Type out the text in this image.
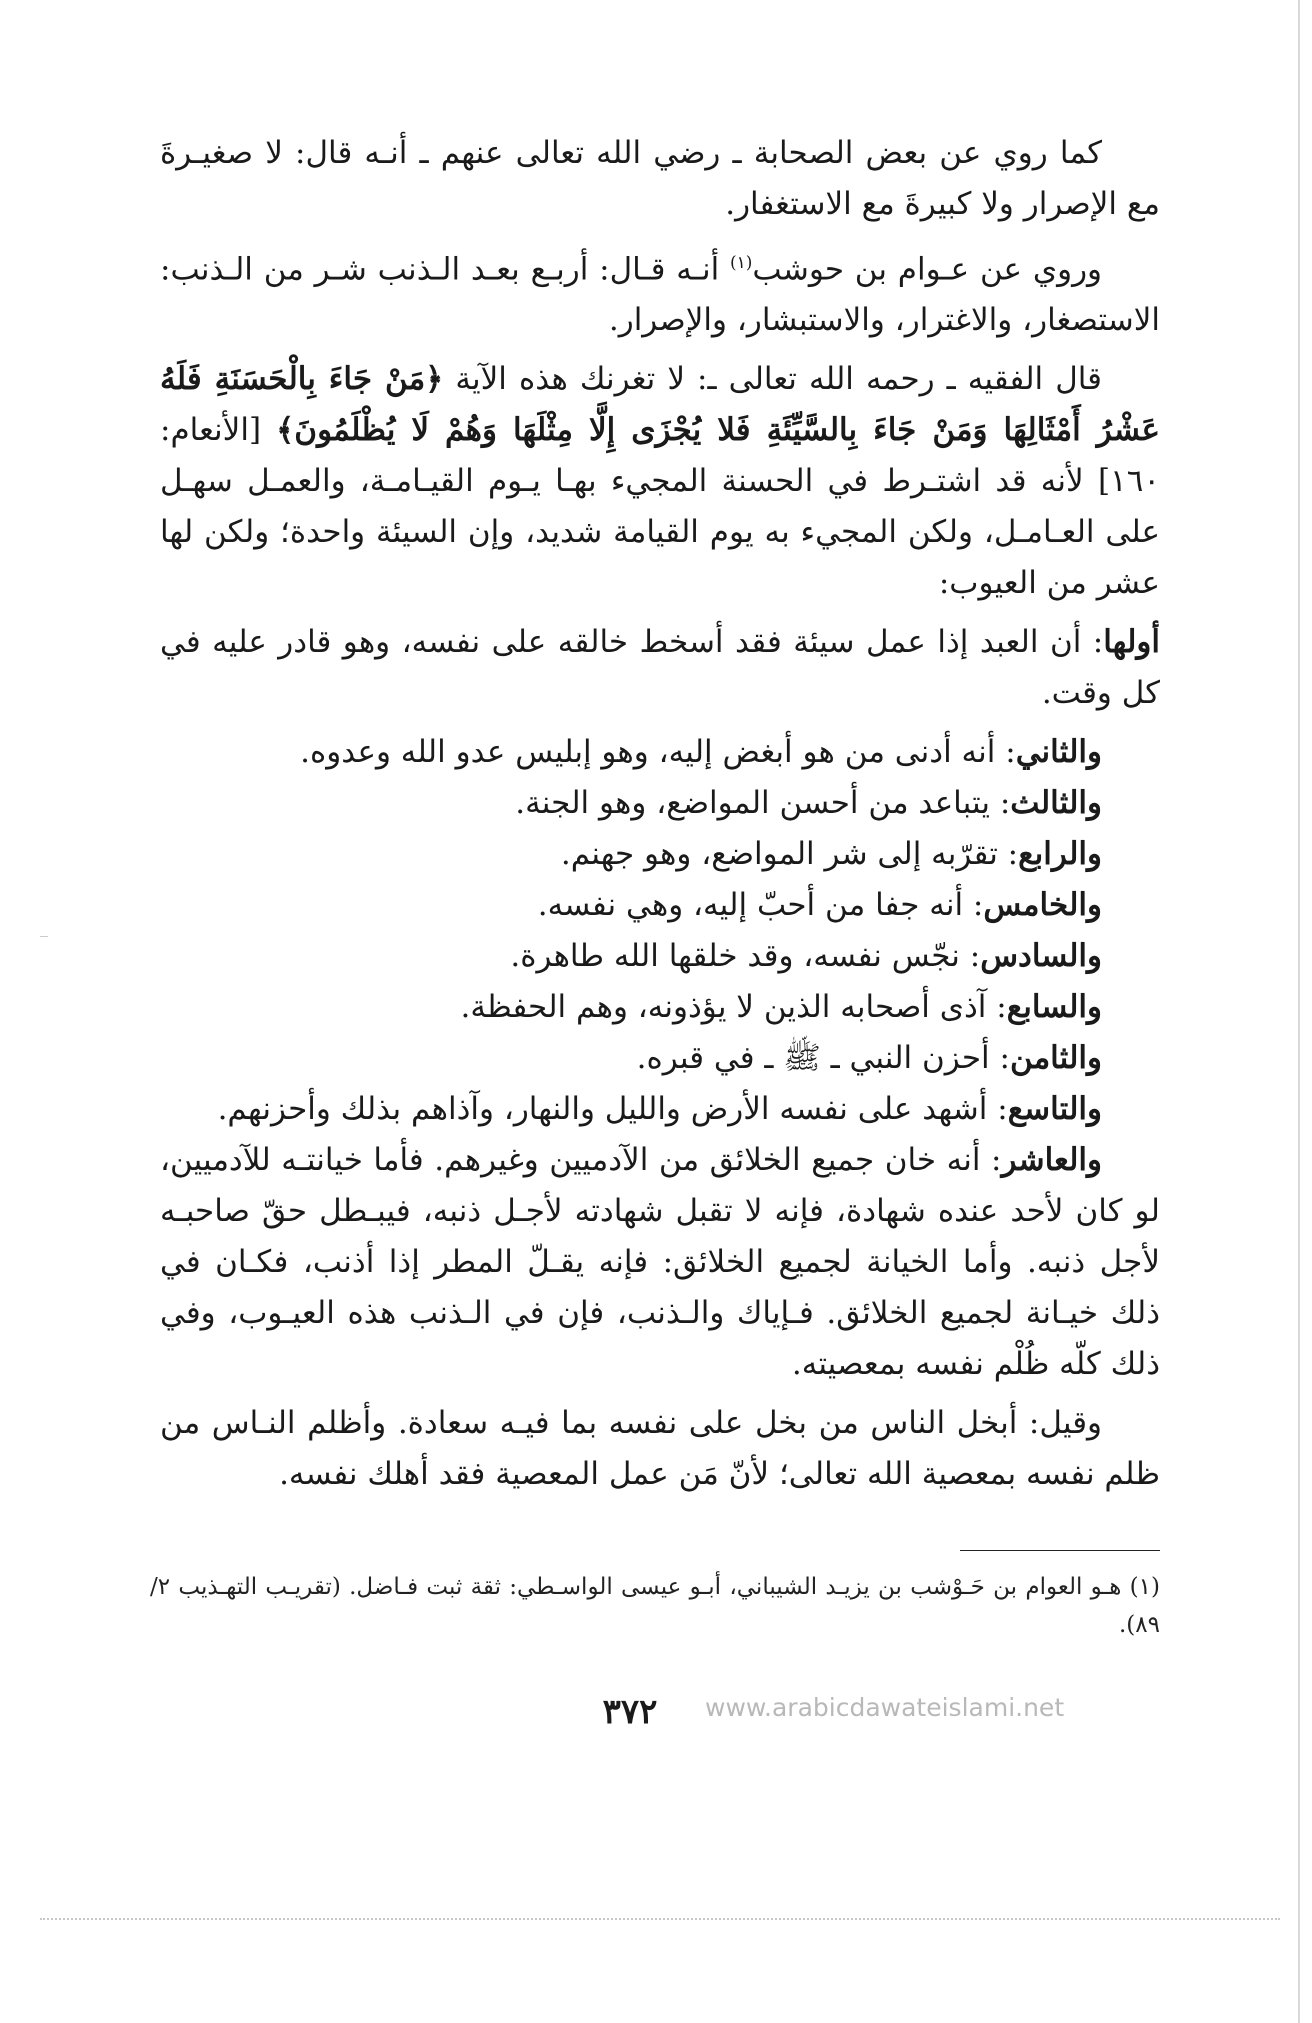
كما روي عن بعض الصحابة ـ رضي الله تعالى عنهم ـ أنـه قال: لا صغيـرةَ مع الإصرار ولا كبيرةَ مع الاستغفار.

وروي عن عـوام بن حوشب$^{(١)}$ أنـه قـال: أربـع بعـد الـذنب شـر من الـذنب: الاستصغار، والاغترار، والاستبشار، والإصرار.

قال الفقيه ـ رحمه الله تعالى ـ: لا تغرنك هذه الآية ﴿مَنْ جَاءَ بِالْحَسَنَةِ فَلَهُ عَشْرُ أَمْثَالِهَا وَمَنْ جَاءَ بِالسَّيِّئَةِ فَلا يُجْزَى إِلَّا مِثْلَهَا وَهُمْ لَا يُظْلَمُونَ﴾ [الأنعام: ١٦٠] لأنه قد اشتـرط في الحسنة المجيء بهـا يـوم القيـامـة، والعمـل سهـل على العـامـل، ولكن المجيء به يوم القيامة شديد، وإن السيئة واحدة؛ ولكن لها عشر من العيوب:

أولها: أن العبد إذا عمل سيئة فقد أسخط خالقه على نفسه، وهو قادر عليه في كل وقت.

والثاني: أنه أدنى من هو أبغض إليه، وهو إبليس عدو الله وعدوه.

والثالث: يتباعد من أحسن المواضع، وهو الجنة.

والرابع: تقرّبه إلى شر المواضع، وهو جهنم.

والخامس: أنه جفا من أحبّ إليه، وهي نفسه.

والسادس: نجّس نفسه، وقد خلقها الله طاهرة.

والسابع: آذى أصحابه الذين لا يؤذونه، وهم الحفظة.

والثامن: أحزن النبي ـ ﷺ ـ في قبره.

والتاسع: أشهد على نفسه الأرض والليل والنهار، وآذاهم بذلك وأحزنهم.

والعاشر: أنه خان جميع الخلائق من الآدميين وغيرهم. فأما خيانتـه للآدميين، لو كان لأحد عنده شهادة، فإنه لا تقبل شهادته لأجـل ذنبه، فيبـطل حقّ صاحبـه لأجل ذنبه. وأما الخيانة لجميع الخلائق: فإنه يقـلّ المطر إذا أذنب، فكـان في ذلك خيـانة لجميع الخلائق. فـإياك والـذنب، فإن في الـذنب هذه العيـوب، وفي ذلك كلّه ظُلْم نفسه بمعصيته.

وقيل: أبخل الناس من بخل على نفسه بما فيـه سعادة. وأظلم النـاس من ظلم نفسه بمعصية الله تعالى؛ لأنّ مَن عمل المعصية فقد أهلك نفسه.

(١) هـو العوام بن حَـوْشب بن يزيـد الشيباني، أبـو عيسى الواسـطي: ثقة ثبت فـاضل. (تقريـب التهـذيب ٢/ ٨٩).
٣٧٢	www.arabicdawateislami.net
